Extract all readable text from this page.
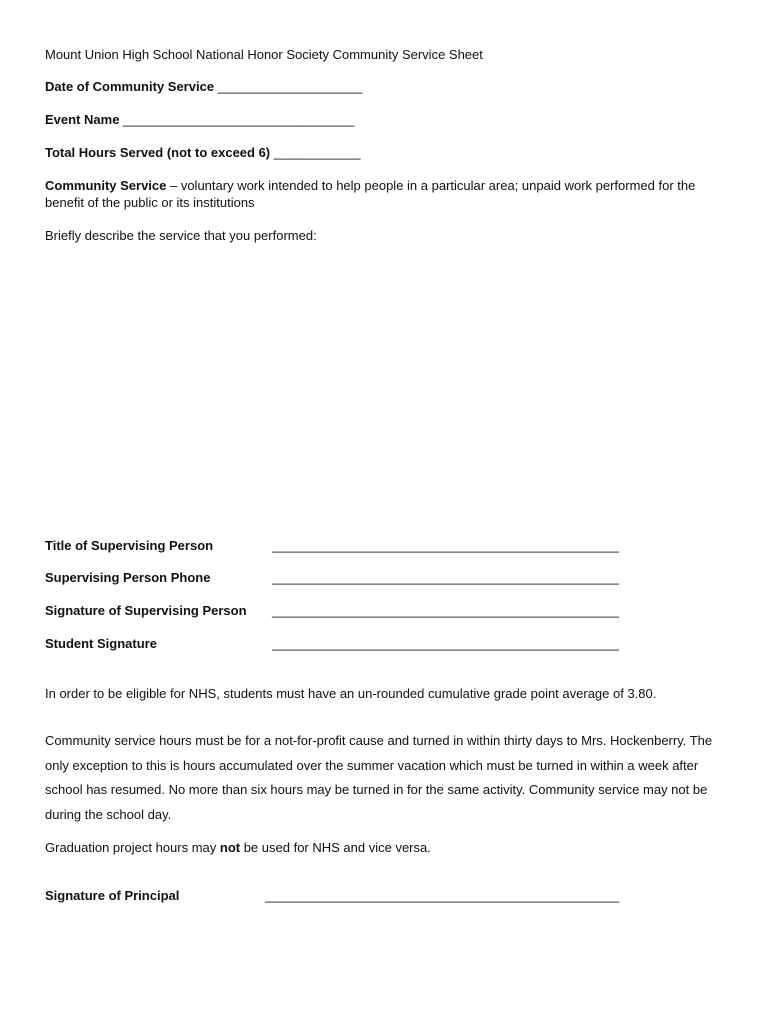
Mount Union High School National Honor Society Community Service Sheet
Date of Community Service ____________________
Event Name ________________________________
Total Hours Served (not to exceed 6) ____________
Community Service – voluntary work intended to help people in a particular area; unpaid work performed for the benefit of the public or its institutions
Briefly describe the service that you performed:
Title of Supervising Person	________________________________________________
Supervising Person Phone	________________________________________________
Signature of Supervising Person ________________________________________________
Student Signature	________________________________________________
In order to be eligible for NHS, students must have an un-rounded cumulative grade point average of 3.80.
Community service hours must be for a not-for-profit cause and turned in within thirty days to Mrs. Hockenberry. The only exception to this is hours accumulated over the summer vacation which must be turned in within a week after school has resumed. No more than six hours may be turned in for the same activity. Community service may not be during the school day.
Graduation project hours may not be used for NHS and vice versa.
Signature of Principal	_________________________________________________
